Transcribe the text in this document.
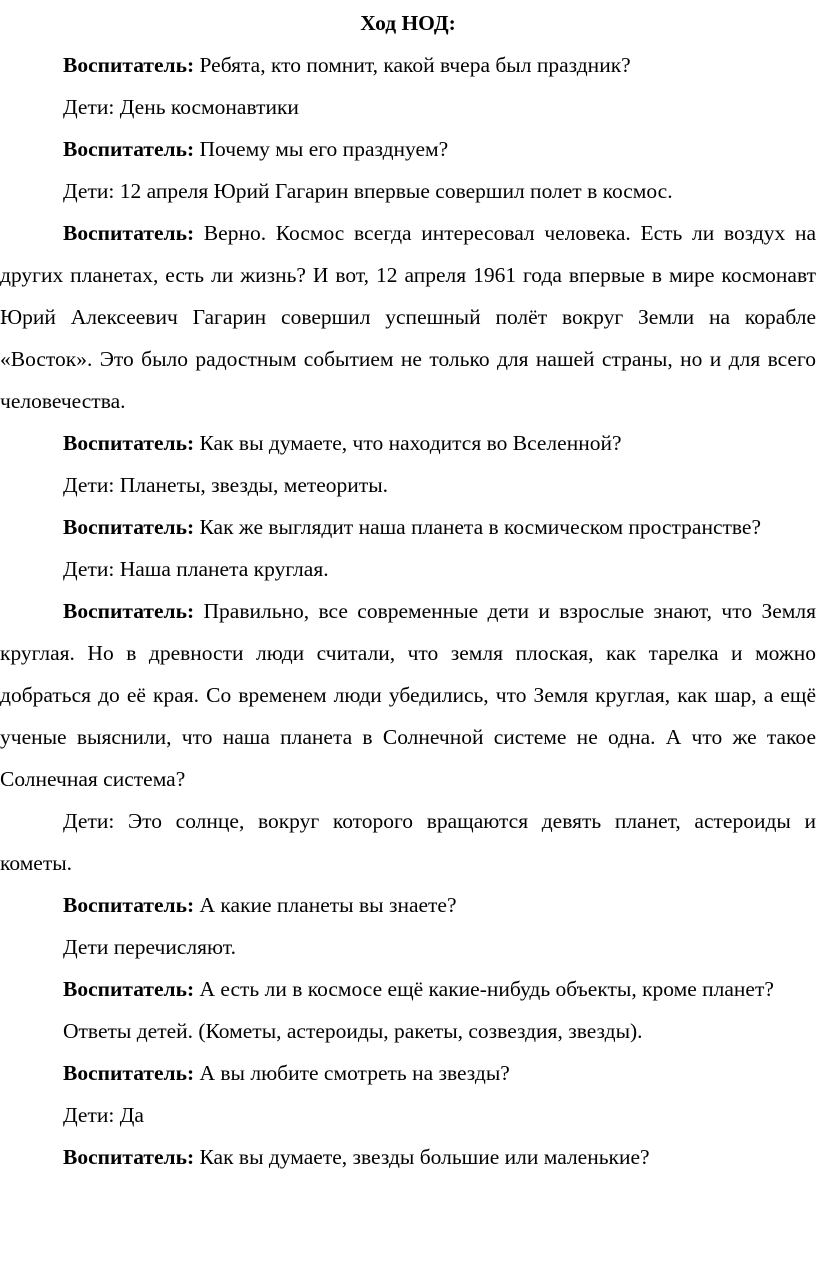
Ход НОД:

Воспитатель: Ребята, кто помнит, какой вчера был праздник?

Дети: День космонавтики

Воспитатель: Почему мы его празднуем?

Дети: 12 апреля Юрий Гагарин впервые совершил полет в космос.

Воспитатель: Верно. Космос всегда интересовал человека. Есть ли воздух на других планетах, есть ли жизнь? И вот, 12 апреля 1961 года впервые в мире космонавт Юрий Алексеевич Гагарин совершил успешный полёт вокруг Земли на корабле «Восток». Это было радостным событием не только для нашей страны, но и для всего человечества.

Воспитатель: Как вы думаете, что находится во Вселенной?

Дети: Планеты, звезды, метеориты.

Воспитатель: Как же выглядит наша планета в космическом пространстве?

Дети: Наша планета круглая.

Воспитатель: Правильно, все современные дети и взрослые знают, что Земля круглая. Но в древности люди считали, что земля плоская, как тарелка и можно добраться до её края. Со временем люди убедились, что Земля круглая, как шар, а ещё ученые выяснили, что наша планета в Солнечной системе не одна. А что же такое Солнечная система?

Дети: Это солнце, вокруг которого вращаются девять планет, астероиды и кометы.

Воспитатель: А какие планеты вы знаете?

Дети перечисляют.

Воспитатель: А есть ли в космосе ещё какие-нибудь объекты, кроме планет?

Ответы детей. (Кометы, астероиды, ракеты, созвездия, звезды).

Воспитатель: А вы любите смотреть на звезды?

Дети: Да

Воспитатель: Как вы думаете, звезды большие или маленькие?
